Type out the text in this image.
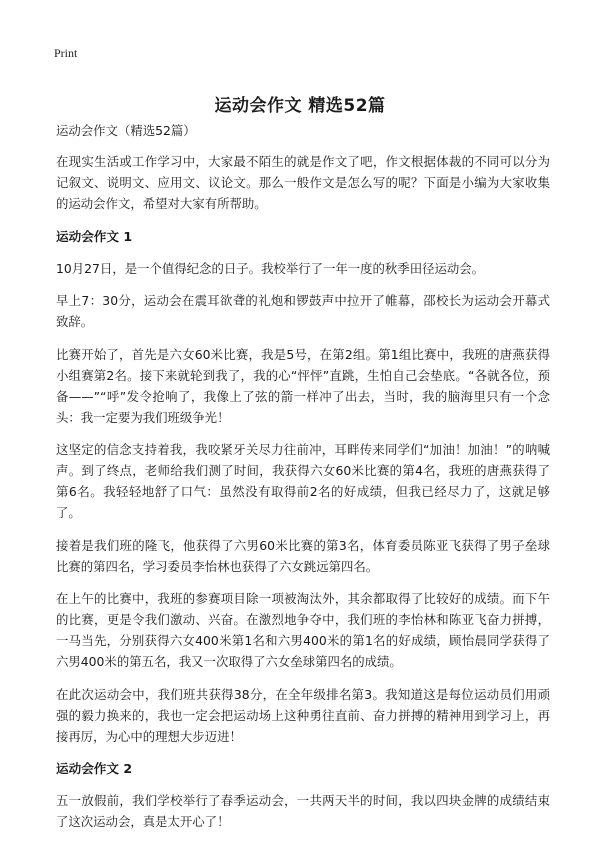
Print
运动会作文 精选52篇

运动会作文（精选52篇）

在现实生活或工作学习中，大家最不陌生的就是作文了吧，作文根据体裁的不同可以分为记叙文、说明文、应用文、议论文。那么一般作文是怎么写的呢？下面是小编为大家收集的运动会作文，希望对大家有所帮助。

运动会作文 1

10月27日，是一个值得纪念的日子。我校举行了一年一度的秋季田径运动会。

早上7：30分，运动会在震耳欲聋的礼炮和锣鼓声中拉开了帷幕，邵校长为运动会开幕式致辞。

比赛开始了，首先是六女60米比赛，我是5号，在第2组。第1组比赛中，我班的唐燕获得小组赛第2名。接下来就轮到我了，我的心“怦怦”直跳，生怕自己会垫底。“各就各位，预备——”“呼”发令抢响了，我像上了弦的箭一样冲了出去，当时，我的脑海里只有一个念头：我一定要为我们班级争光！

这坚定的信念支持着我，我咬紧牙关尽力往前冲，耳畔传来同学们“加油！加油！”的呐喊声。到了终点，老师给我们测了时间，我获得六女60米比赛的第4名，我班的唐燕获得了第6名。我轻轻地舒了口气：虽然没有取得前2名的好成绩，但我已经尽力了，这就足够了。

接着是我们班的隆飞，他获得了六男60米比赛的第3名，体育委员陈亚飞获得了男子垒球比赛的第四名，学习委员李怡林也获得了六女跳远第四名。

在上午的比赛中，我班的参赛项目除一项被淘汰外，其余都取得了比较好的成绩。而下午的比赛，更是令我们激动、兴奋。在激烈地争夺中，我们班的李怡林和陈亚飞奋力拼搏，一马当先，分别获得六女400米第1名和六男400米的第1名的好成绩，顾怡晨同学获得了六男400米的第五名，我又一次取得了六女垒球第四名的成绩。

在此次运动会中，我们班共获得38分，在全年级排名第3。我知道这是每位运动员们用顽强的毅力换来的，我也一定会把运动场上这种勇往直前、奋力拼搏的精神用到学习上，再接再厉，为心中的理想大步迈进！

运动会作文 2

五一放假前，我们学校举行了春季运动会，一共两天半的时间，我以四块金牌的成绩结束了这次运动会，真是太开心了！
